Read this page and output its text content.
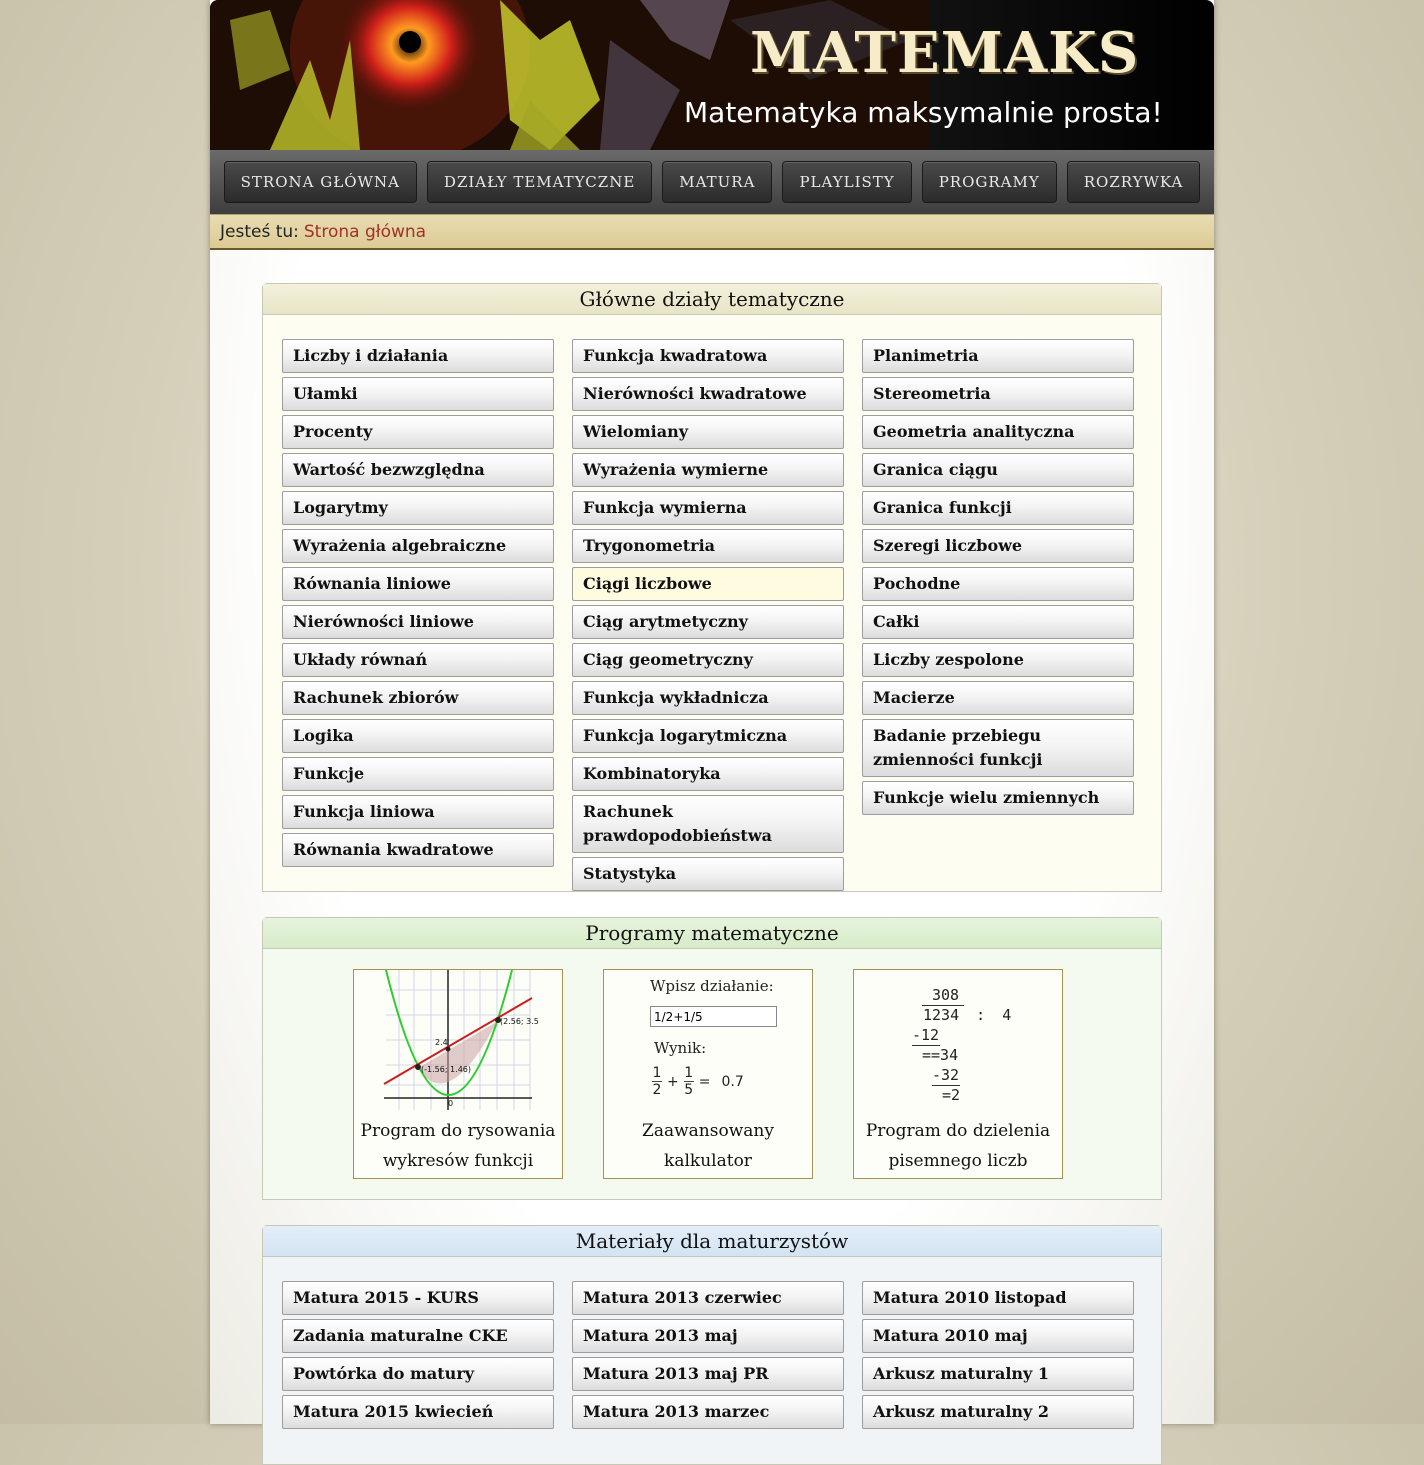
MATEMAKS
Matematyka maksymalnie prosta!
STRONA GŁÓWNA	DZIAŁY TEMATYCZNE	MATURA	PLAYLISTY	PROGRAMY	ROZRYWKA
Jesteś tu: Strona główna
Główne działy tematyczne
Liczby i działania
Ułamki
Procenty
Wartość bezwzględna
Logarytmy
Wyrażenia algebraiczne
Równania liniowe
Nierówności liniowe
Układy równań
Rachunek zbiorów
Logika
Funkcje
Funkcja liniowa
Równania kwadratowe
Funkcja kwadratowa
Nierówności kwadratowe
Wielomiany
Wyrażenia wymierne
Funkcja wymierna
Trygonometria
Ciągi liczbowe
Ciąg arytmetyczny
Ciąg geometryczny
Funkcja wykładnicza
Funkcja logarytmiczna
Kombinatoryka
Rachunek prawdopodobieństwa
Statystyka
Planimetria
Stereometria
Geometria analityczna
Granica ciągu
Granica funkcji
Szeregi liczbowe
Pochodne
Całki
Liczby zespolone
Macierze
Badanie przebiegu zmienności funkcji
Funkcje wielu zmiennych
Programy matematyczne
(-1.56; 1.46)
(2.56; 3.5
2.4
0
Program do rysowania wykresów funkcji
Wpisz działanie:
1/2+1/5
Wynik:
1
2
+
1
5
= 0.7
Zaawansowany kalkulator
308
1234 : 4
-12
==34
-32
=2
Program do dzielenia pisemnego liczb
Materiały dla maturzystów
Matura 2015 - KURS
Zadania maturalne CKE
Powtórka do matury
Matura 2015 kwiecień
Matura 2013 czerwiec
Matura 2013 maj
Matura 2013 maj PR
Matura 2013 marzec
Matura 2010 listopad
Matura 2010 maj
Arkusz maturalny 1
Arkusz maturalny 2
